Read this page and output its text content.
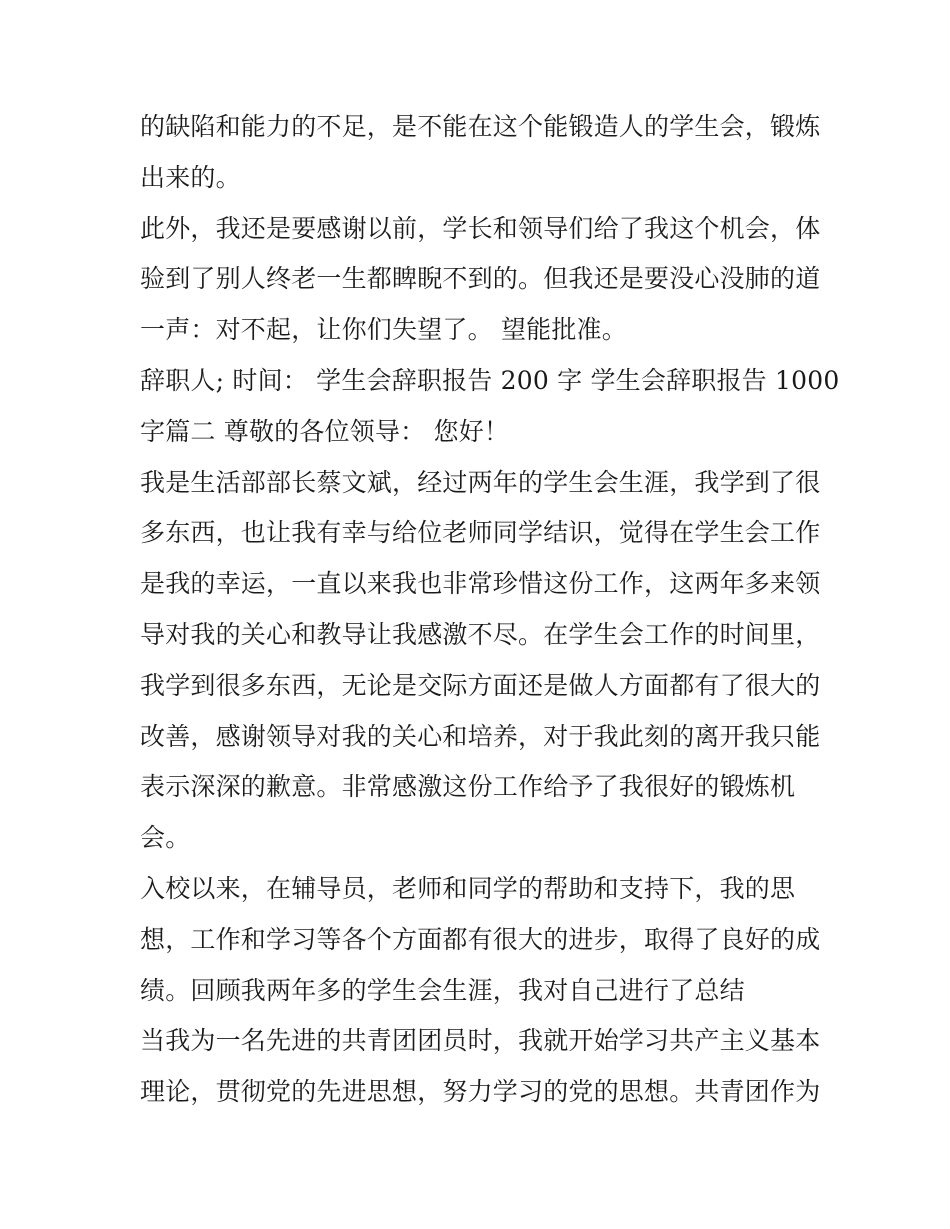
的缺陷和能力的不足，是不能在这个能锻造人的学生会，锻炼
出来的。
此外，我还是要感谢以前，学长和领导们给了我这个机会，体
验到了别人终老一生都睥睨不到的。但我还是要没心没肺的道
一声：对不起，让你们失望了。 望能批准。
辞职人; 时间： 学生会辞职报告 200 字 学生会辞职报告 1000
字篇二 尊敬的各位领导： 您好！
我是生活部部长蔡文斌，经过两年的学生会生涯，我学到了很
多东西，也让我有幸与给位老师同学结识，觉得在学生会工作
是我的幸运，一直以来我也非常珍惜这份工作，这两年多来领
导对我的关心和教导让我感激不尽。在学生会工作的时间里，
我学到很多东西，无论是交际方面还是做人方面都有了很大的
改善，感谢领导对我的关心和培养，对于我此刻的离开我只能
表示深深的歉意。非常感激这份工作给予了我很好的锻炼机
会。
入校以来，在辅导员，老师和同学的帮助和支持下，我的思
想，工作和学习等各个方面都有很大的进步，取得了良好的成
绩。回顾我两年多的学生会生涯，我对自己进行了总结
当我为一名先进的共青团团员时，我就开始学习共产主义基本
理论，贯彻党的先进思想，努力学习的党的思想。共青团作为
